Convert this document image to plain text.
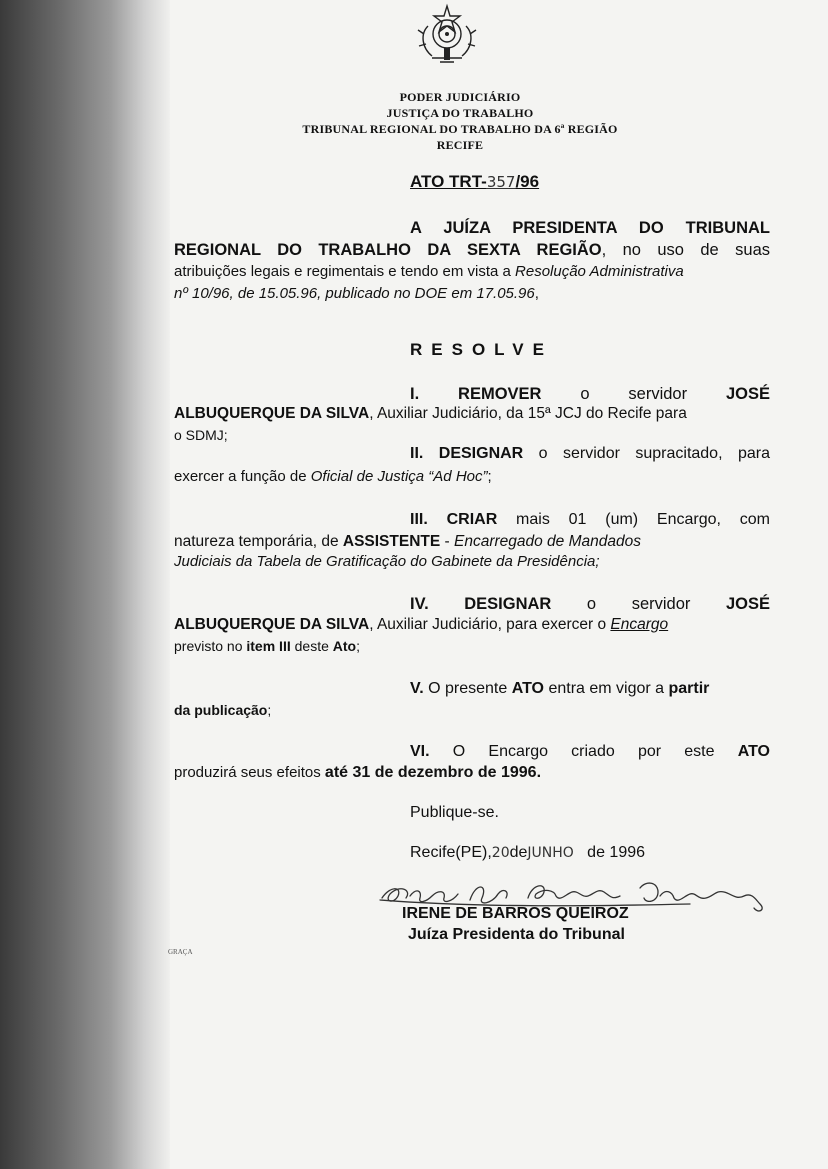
PODER JUDICIÁRIO
JUSTIÇA DO TRABALHO
TRIBUNAL REGIONAL DO TRABALHO DA 6ª REGIÃO
RECIFE
ATO TRT-357/96

A JUÍZA PRESIDENTA DO TRIBUNAL

REGIONAL DO TRABALHO DA SEXTA REGIÃO, no uso de suas

atribuições legais e regimentais e tendo em vista a Resolução Administrativa

nº 10/96, de 15.05.96, publicado no DOE em 17.05.96,

RESOLVE

I. REMOVER o servidor JOSÉ

ALBUQUERQUE DA SILVA, Auxiliar Judiciário, da 15ª JCJ do Recife para

o SDMJ;

II. DESIGNAR o servidor supracitado, para

exercer a função de Oficial de Justiça “Ad Hoc”;

III. CRIAR mais 01 (um) Encargo, com

natureza temporária, de ASSISTENTE - Encarregado de Mandados

Judiciais da Tabela de Gratificação do Gabinete da Presidência;

IV. DESIGNAR o servidor JOSÉ

ALBUQUERQUE DA SILVA, Auxiliar Judiciário, para exercer o Encargo

previsto no item III deste Ato;

V. O presente ATO entra em vigor a partir

da publicação;

VI. O Encargo criado por este ATO

produzirá seus efeitos até 31 de dezembro de 1996.

Publique-se.

Recife(PE),20deJUNHO de 1996

IRENE DE BARROS QUEIROZ
Juíza Presidenta do Tribunal
GRAÇA
